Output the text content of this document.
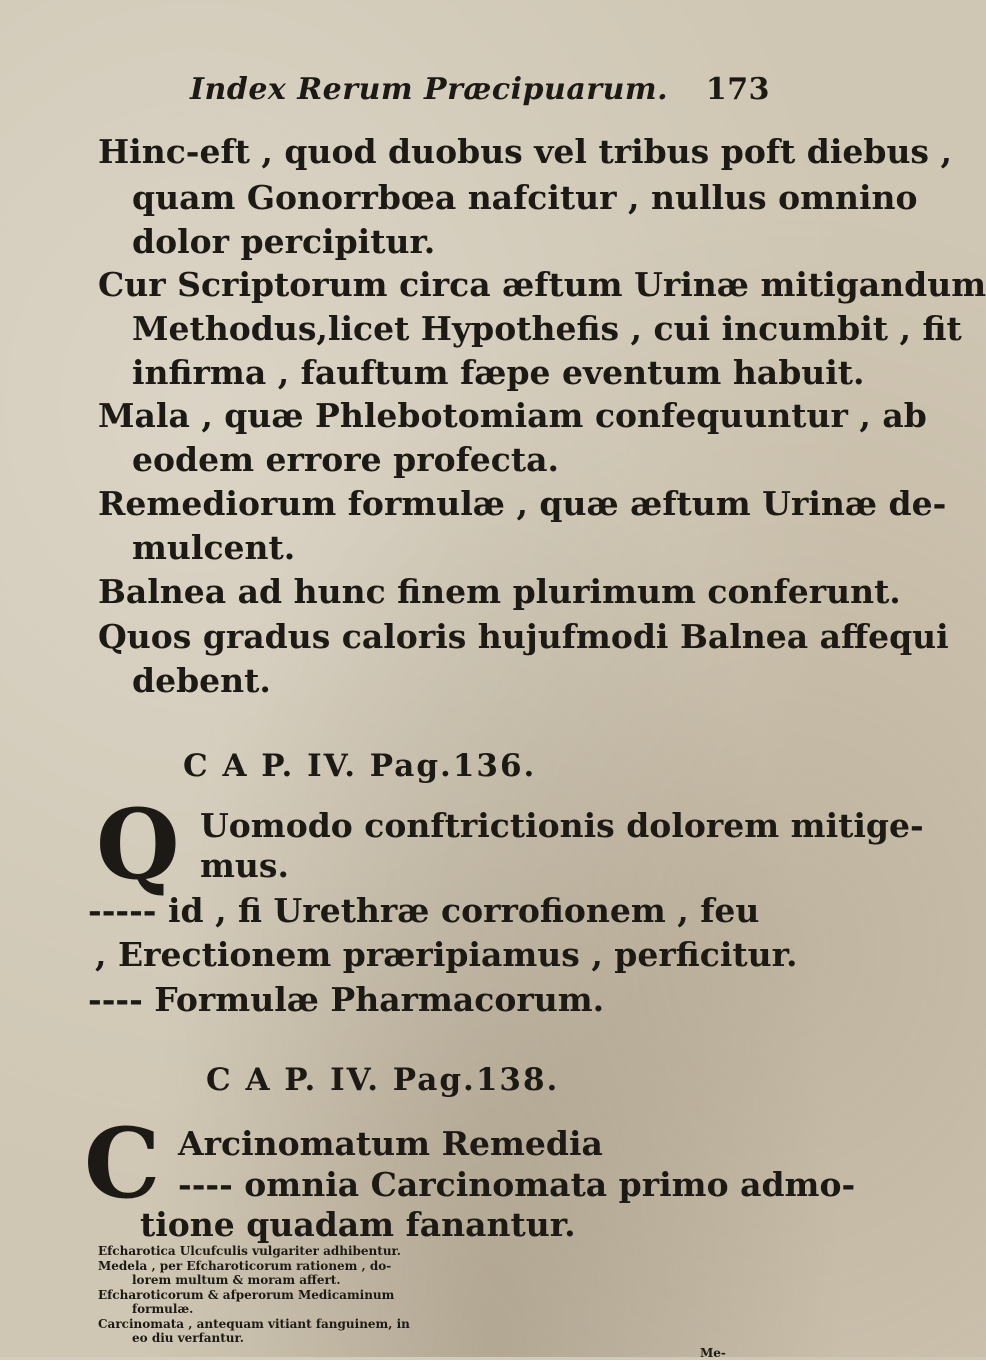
Index Rerum Præcipuarum. 173
Hinc-eft , quod duobus vel tribus poft diebus ,
quam Gonorrbœa nafcitur , nullus omnino
dolor percipitur.
Cur Scriptorum circa æftum Urinæ mitigandum
Methodus,licet Hypothefis , cui incumbit , fit
infirma , fauftum fæpe eventum habuit.
Mala , quæ Phlebotomiam confequuntur , ab
eodem errore profecta.
Remediorum formulæ , quæ æftum Urinæ de-
mulcent.
Balnea ad hunc finem plurimum conferunt.
Quos gradus caloris hujufmodi Balnea affequi
debent.
C A P. IV. Pag.136.
Q Uomodo conftrictionis dolorem mitige-
mus.
----- id , fi Urethræ corrofionem , feu
, Erectionem præripiamus , perficitur.
---- Formulæ Pharmacorum.
C A P. IV. Pag.138.
C Arcinomatum Remedia
---- omnia Carcinomata primo admo-
tione quadam fanantur.
Efcharotica Ulcufculis vulgariter adhibentur.
Medela , per Efcharoticorum rationem , do-
lorem multum & moram affert.
Efcharoticorum & afperorum Medicaminum
formulæ.
Carcinomata , antequam vitiant fanguinem, in
eo diu verfantur.
Me-
